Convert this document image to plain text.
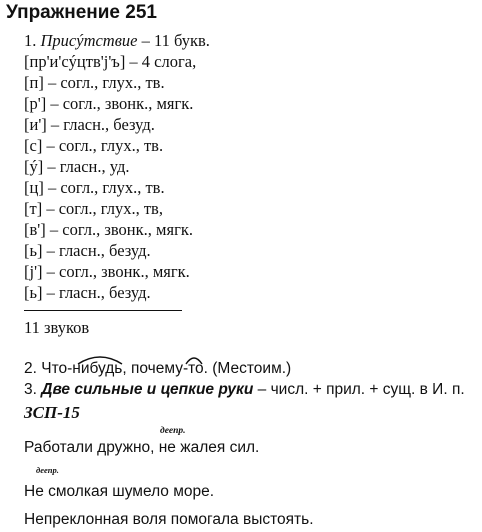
Упражнение 251
1. Присýтствие – 11 букв.
[пр'и'сýцтв'ј'ъ] – 4 слога,
[п] – согл., глух., тв.
[р'] – согл., звонк., мягк.
[и'] – гласн., безуд.
[с] – согл., глух., тв.
[ý] – гласн., уд.
[ц] – согл., глух., тв.
[т] – согл., глух., тв,
[в'] – согл., звонк., мягк.
[ь] – гласн., безуд.
[ј'] – согл., звонк., мягк.
[ь] – гласн., безуд.
11 звуков
2. Что-нибудь, почему-то. (Местоим.)
3. Две сильные и цепкие руки – числ. + прил. + сущ. в И. п.
ЗСП-15
деепр.
Работали дружно, не жалея сил.
деепр.
Не смолкая шумело море.
Непреклонная воля помогала выстоять.
